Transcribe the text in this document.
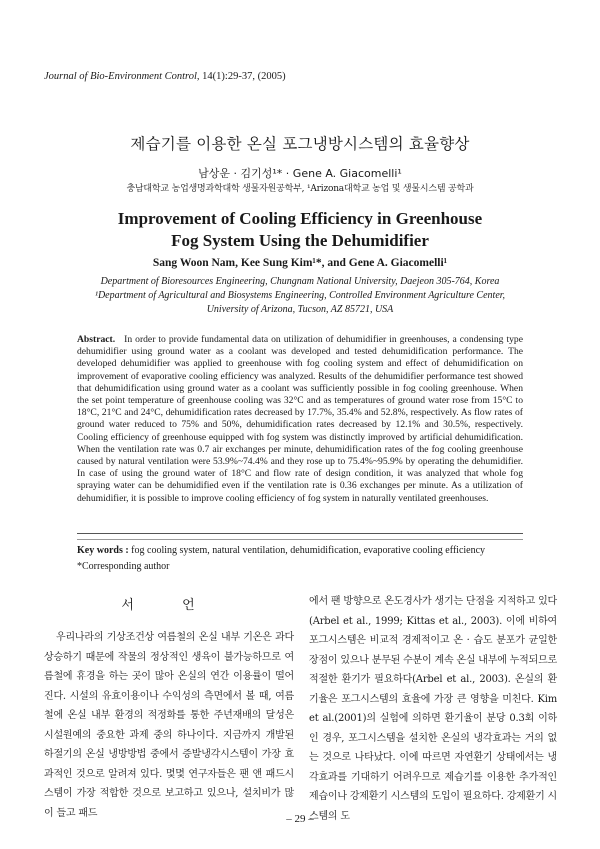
Journal of Bio-Environment Control, 14(1):29-37, (2005)
제습기를 이용한 온실 포그냉방시스템의 효율향상
남상운 · 김기성¹* · Gene A. Giacomelli¹
충남대학교 농업생명과학대학 생물자원공학부, ¹Arizona대학교 농업 및 생물시스템 공학과
Improvement of Cooling Efficiency in Greenhouse
Fog System Using the Dehumidifier
Sang Woon Nam, Kee Sung Kim¹*, and Gene A. Giacomelli¹
Department of Bioresources Engineering, Chungnam National University, Daejeon 305-764, Korea
¹Department of Agricultural and Biosystems Engineering, Controlled Environment Agriculture Center,
University of Arizona, Tucson, AZ 85721, USA
Abstract. In order to provide fundamental data on utilization of dehumidifier in greenhouses, a condensing type dehumidifier using ground water as a coolant was developed and tested dehumidification performance. The developed dehumidifier was applied to greenhouse with fog cooling system and effect of dehumidification on improvement of evaporative cooling efficiency was analyzed. Results of the dehumidifier performance test showed that dehumidification using ground water as a coolant was sufficiently possible in fog cooling greenhouse. When the set point temperature of greenhouse cooling was 32°C and as temperatures of ground water rose from 15°C to 18°C, 21°C and 24°C, dehumidification rates decreased by 17.7%, 35.4% and 52.8%, respectively. As flow rates of ground water reduced to 75% and 50%, dehumidification rates decreased by 12.1% and 30.5%, respectively. Cooling efficiency of greenhouse equipped with fog system was distinctly improved by artificial dehumidification. When the ventilation rate was 0.7 air exchanges per minute, dehumidification rates of the fog cooling greenhouse caused by natural ventilation were 53.9%~74.4% and they rose up to 75.4%~95.9% by operating the dehumidifier. In case of using the ground water of 18°C and flow rate of design condition, it was analyzed that whole fog spraying water can be dehumidified even if the ventilation rate is 0.36 exchanges per minute. As a utilization of dehumidifier, it is possible to improve cooling efficiency of fog system in naturally ventilated greenhouses.
Key words : fog cooling system, natural ventilation, dehumidification, evaporative cooling efficiency
*Corresponding author
서 언

우리나라의 기상조건상 여름철의 온실 내부 기온은 과다 상승하기 때문에 작물의 정상적인 생육이 불가능하므로 여름철에 휴경을 하는 곳이 많아 온실의 연간 이용률이 떨어진다. 시설의 유효이용이나 수익성의 측면에서 볼 때, 여름철에 온실 내부 환경의 적정화를 통한 주년재배의 달성은 시설원예의 중요한 과제 중의 하나이다. 지금까지 개발된 하절기의 온실 냉방방법 중에서 증발냉각시스템이 가장 효과적인 것으로 알려져 있다. 몇몇 연구자들은 팬 앤 패드시스템이 가장 적합한 것으로 보고하고 있으나, 설치비가 많이 들고 패드

에서 팬 방향으로 온도경사가 생기는 단점을 지적하고 있다(Arbel et al., 1999; Kittas et al., 2003). 이에 비하여 포그시스템은 비교적 경제적이고 온 · 습도 분포가 균일한 장점이 있으나 분무된 수분이 계속 온실 내부에 누적되므로 적절한 환기가 필요하다(Arbel et al., 2003). 온실의 환기율은 포그시스템의 효율에 가장 큰 영향을 미친다. Kim et al.(2001)의 실험에 의하면 환기율이 분당 0.3회 이하인 경우, 포그시스템을 설치한 온실의 냉각효과는 거의 없는 것으로 나타났다. 이에 따르면 자연환기 상태에서는 냉각효과를 기대하기 어려우므로 제습기를 이용한 추가적인 제습이나 강제환기 시스템의 도입이 필요하다. 강제환기 시스템의 도

– 29 –
